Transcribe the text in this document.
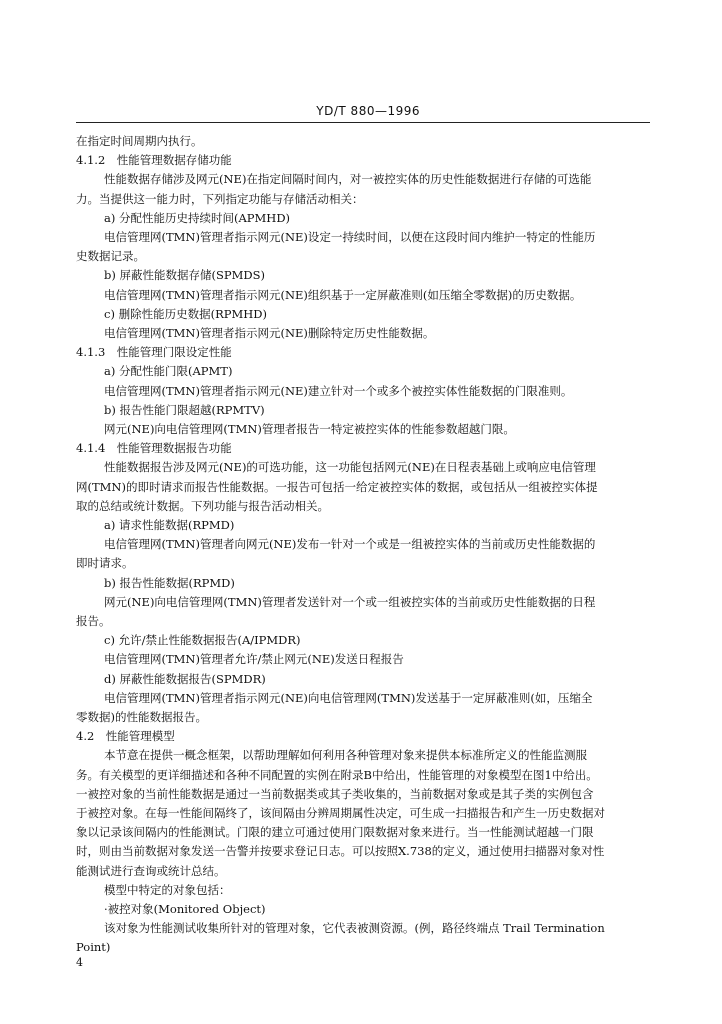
YD/T 880—1996
在指定时间周期内执行。
4.1.2　性能管理数据存储功能
性能数据存储涉及网元(NE)在指定间隔时间内，对一被控实体的历史性能数据进行存储的可选能
力。当提供这一能力时，下列指定功能与存储活动相关：
a) 分配性能历史持续时间(APMHD)
电信管理网(TMN)管理者指示网元(NE)设定一持续时间，以便在这段时间内维护一特定的性能历
史数据记录。
b) 屏蔽性能数据存储(SPMDS)
电信管理网(TMN)管理者指示网元(NE)组织基于一定屏蔽准则(如压缩全零数据)的历史数据。
c) 删除性能历史数据(RPMHD)
电信管理网(TMN)管理者指示网元(NE)删除特定历史性能数据。
4.1.3　性能管理门限设定性能
a) 分配性能门限(APMT)
电信管理网(TMN)管理者指示网元(NE)建立针对一个或多个被控实体性能数据的门限准则。
b) 报告性能门限超越(RPMTV)
网元(NE)向电信管理网(TMN)管理者报告一特定被控实体的性能参数超越门限。
4.1.4　性能管理数据报告功能
性能数据报告涉及网元(NE)的可选功能，这一功能包括网元(NE)在日程表基础上或响应电信管理
网(TMN)的即时请求而报告性能数据。一报告可包括一给定被控实体的数据，或包括从一组被控实体提
取的总结或统计数据。下列功能与报告活动相关。
a) 请求性能数据(RPMD)
电信管理网(TMN)管理者向网元(NE)发布一针对一个或是一组被控实体的当前或历史性能数据的
即时请求。
b) 报告性能数据(RPMD)
网元(NE)向电信管理网(TMN)管理者发送针对一个或一组被控实体的当前或历史性能数据的日程
报告。
c) 允许/禁止性能数据报告(A/IPMDR)
电信管理网(TMN)管理者允许/禁止网元(NE)发送日程报告
d) 屏蔽性能数据报告(SPMDR)
电信管理网(TMN)管理者指示网元(NE)向电信管理网(TMN)发送基于一定屏蔽准则(如，压缩全
零数据)的性能数据报告。
4.2　性能管理模型
本节意在提供一概念框架，以帮助理解如何利用各种管理对象来提供本标准所定义的性能监测服
务。有关模型的更详细描述和各种不同配置的实例在附录B中给出，性能管理的对象模型在图1中给出。
一被控对象的当前性能数据是通过一当前数据类或其子类收集的，当前数据对象或是其子类的实例包含
于被控对象。在每一性能间隔终了，该间隔由分辨周期属性决定，可生成一扫描报告和产生一历史数据对
象以记录该间隔内的性能测试。门限的建立可通过使用门限数据对象来进行。当一性能测试超越一门限
时，则由当前数据对象发送一告警并按要求登记日志。可以按照X.738的定义，通过使用扫描器对象对性
能测试进行查询或统计总结。
模型中特定的对象包括：
·被控对象(Monitored Object)
该对象为性能测试收集所针对的管理对象，它代表被测资源。(例，路径终端点 Trail Termination
Point)
4
